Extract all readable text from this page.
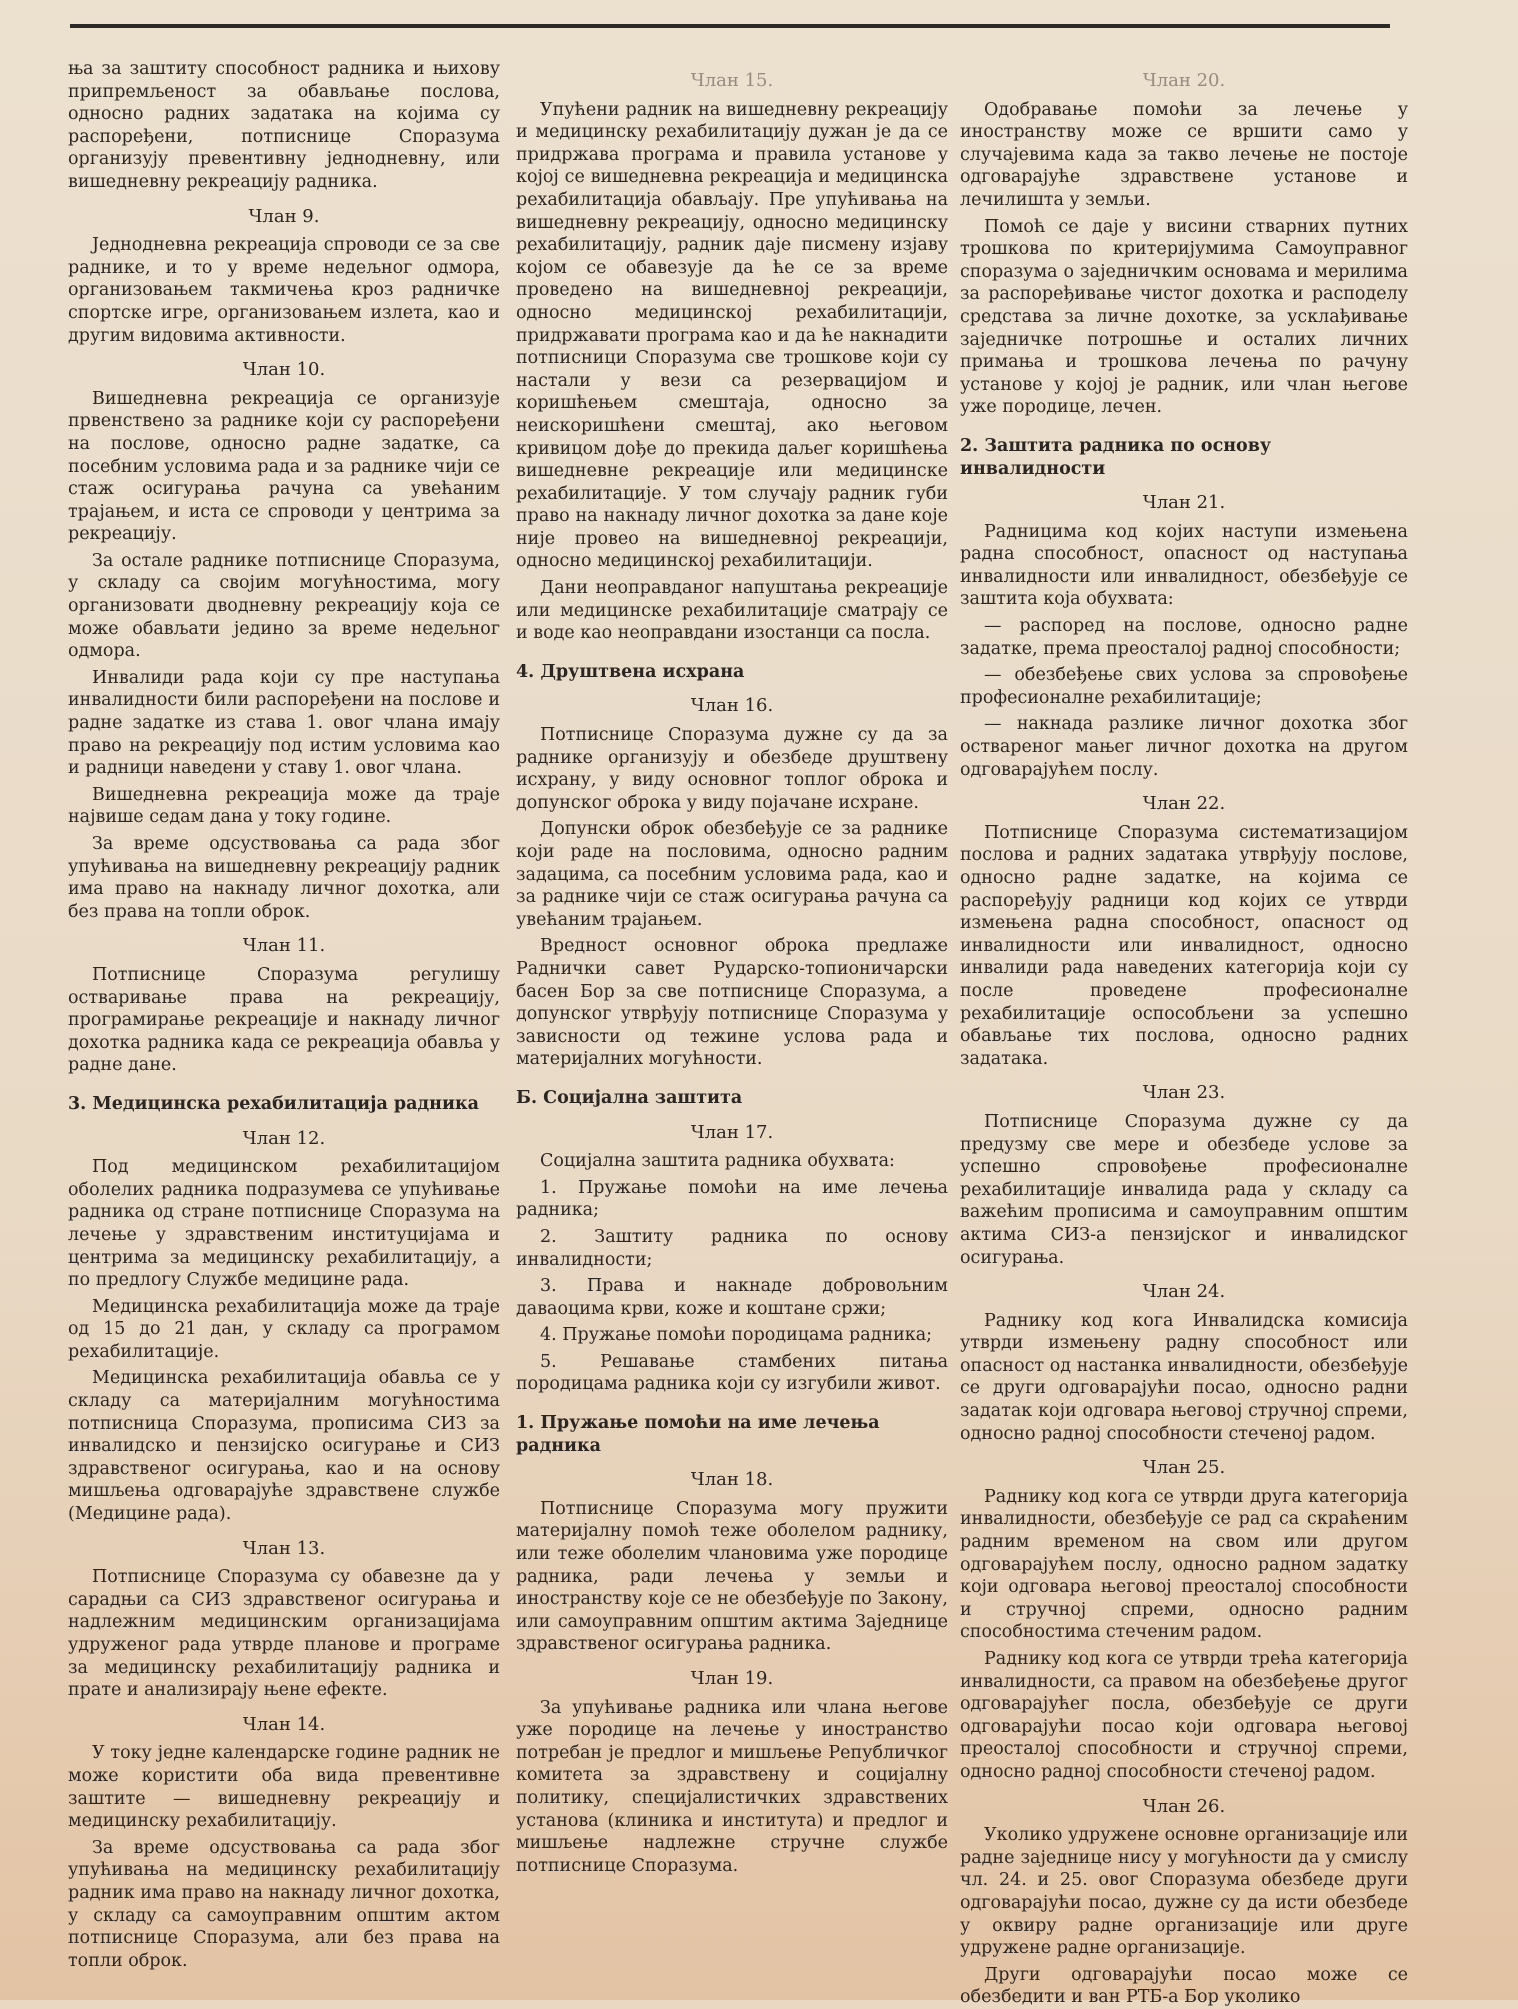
ња за заштиту способност радника и њихову припремљеност за обављање послова, односно радних задатака на којима су распоређени, потписнице Споразума организују превентивну једнодневну, или вишедневну рекреацију радника.

Члан 9.

Једнодневна рекреација спроводи се за све раднике, и то у време недељног одмора, организовањем такмичења кроз радничке спортске игре, организовањем излета, као и другим видовима активности.

Члан 10.

Вишедневна рекреација се организује првенствено за раднике који су распоређени на послове, односно радне задатке, са посебним условима рада и за раднике чији се стаж осигурања рачуна са увећаним трајањем, и иста се спроводи у центрима за рекреацију.

За остале раднике потписнице Споразума, у складу са својим могућностима, могу организовати дводневну рекреацију која се може обављати једино за време недељног одмора.

Инвалиди рада који су пре наступања инвалидности били распоређени на послове и радне задатке из става 1. овог члана имају право на рекреацију под истим условима као и радници наведени у ставу 1. овог члана.

Вишедневна рекреација може да траје највише седам дана у току године.

За време одсуствовања са рада због упућивања на вишедневну рекреацију радник има право на накнаду личног дохотка, али без права на топли оброк.

Члан 11.

Потписнице Споразума регулишу остваривање права на рекреацију, програмирање рекреације и накнаду личног дохотка радника када се рекреација обавља у радне дане.

3. Медицинска рехабилитација радника
Члан 12.

Под медицинском рехабилитацијом оболелих радника подразумева се упућивање радника од стране потписнице Споразума на лечење у здравственим институцијама и центрима за медицинску рехабилитацију, а по предлогу Службе медицине рада.

Медицинска рехабилитација може да траје од 15 до 21 дан, у складу са програмом рехабилитације.

Медицинска рехабилитација обавља се у складу са материјалним могућностима потписница Споразума, прописима СИЗ за инвалидско и пензијско осигурање и СИЗ здравственог осигурања, као и на основу мишљења одговарајуће здравствене службе (Медицине рада).

Члан 13.

Потписнице Споразума су обавезне да у сарадњи са СИЗ здравственог осигурања и надлежним медицинским организацијама удруженог рада утврде планове и програме за медицинску рехабилитацију радника и прате и анализирају њене ефекте.

Члан 14.

У току једне календарске године радник не може користити оба вида превентивне заштите — вишедневну рекреацију и медицинску рехабилитацију.

За време одсуствовања са рада због упућивања на медицинску рехабилитацију радник има право на накнаду личног дохотка, у складу са самоуправним општим актом потписнице Споразума, али без права на топли оброк.

Члан 15.

Упућени радник на вишедневну рекреацију и медицинску рехабилитацију дужан је да се придржава програма и правила установе у којој се вишедневна рекреација и медицинска рехабилитација обављају. Пре упућивања на вишедневну рекреацију, односно медицинску рехабилитацију, радник даје писмену изјаву којом се обавезује да ће се за време проведено на вишедневној рекреацији, односно медицинској рехабилитацији, придржавати програма као и да ће накнадити потписници Споразума све трошкове који су настали у вези са резервацијом и коришћењем смештаја, односно за неискоришћени смештај, ако његовом кривицом дође до прекида даљег коришћења вишедневне рекреације или медицинске рехабилитације. У том случају радник губи право на накнаду личног дохотка за дане које није провео на вишедневној рекреацији, односно медицинској рехабилитацији.

Дани неоправданог напуштања рекреације или медицинске рехабилитације сматрају се и воде као неоправдани изостанци са посла.

4. Друштвена исхрана
Члан 16.

Потписнице Споразума дужне су да за раднике организују и обезбеде друштвену исхрану, у виду основног топлог оброка и допунског оброка у виду појачане исхране.

Допунски оброк обезбеђује се за раднике који раде на пословима, односно радним задацима, са посебним условима рада, као и за раднике чији се стаж осигурања рачуна са увећаним трајањем.

Вредност основног оброка предлаже Раднички савет Рударско-топионичарски басен Бор за све потписнице Споразума, а допунског утврђују потписнице Споразума у зависности од тежине услова рада и материјалних могућности.

Б. Социјална заштита
Члан 17.

Социјална заштита радника обухвата:

1. Пружање помоћи на име лечења радника;

2. Заштиту радника по основу инвалидности;

3. Права и накнаде добровољним даваоцима крви, коже и коштане сржи;

4. Пружање помоћи породицама радника;

5. Решавање стамбених питања породицама радника који су изгубили живот.

1. Пружање помоћи на име лечења радника
Члан 18.

Потписнице Споразума могу пружити материјалну помоћ теже оболелом раднику, или теже оболелим члановима уже породице радника, ради лечења у земљи и иностранству које се не обезбеђује по Закону, или самоуправним општим актима Заједнице здравственог осигурања радника.

Члан 19.

За упућивање радника или члана његове уже породице на лечење у иностранство потребан је предлог и мишљење Републичког комитета за здравствену и социјалну политику, специјалистичких здравствених установа (клиника и института) и предлог и мишљење надлежне стручне службе потписнице Споразума.

Члан 20.

Одобравање помоћи за лечење у иностранству може се вршити само у случајевима када за такво лечење не постоје одговарајуће здравствене установе и лечилишта у земљи.

Помоћ се даје у висини стварних путних трошкова по критеријумима Самоуправног споразума о заједничким основама и мерилима за распоређивање чистог дохотка и расподелу средстава за личне дохотке, за усклађивање заједничке потрошње и осталих личних примања и трошкова лечења по рачуну установе у којој је радник, или члан његове уже породице, лечен.

2. Заштита радника по основу инвалидности
Члан 21.

Радницима код којих наступи измењена радна способност, опасност од наступања инвалидности или инвалидност, обезбеђује се заштита која обухвата:

— распоред на послове, односно радне задатке, према преосталој радној способности;

— обезбеђење свих услова за спровођење професионалне рехабилитације;

— накнада разлике личног дохотка због оствареног мањег личног дохотка на другом одговарајућем послу.

Члан 22.

Потписнице Споразума систематизацијом послова и радних задатака утврђују послове, односно радне задатке, на којима се распоређују радници код којих се утврди измењена радна способност, опасност од инвалидности или инвалидност, односно инвалиди рада наведених категорија који су после проведене професионалне рехабилитације оспособљени за успешно обављање тих послова, односно радних задатака.

Члан 23.

Потписнице Споразума дужне су да предузму све мере и обезбеде услове за успешно спровођење професионалне рехабилитације инвалида рада у складу са важећим прописима и самоуправним општим актима СИЗ-а пензијског и инвалидског осигурања.

Члан 24.

Раднику код кога Инвалидска комисија утврди измењену радну способност или опасност од настанка инвалидности, обезбеђује се други одговарајући посао, односно радни задатак који одговара његовој стручној спреми, односно радној способности стеченој радом.

Члан 25.

Раднику код кога се утврди друга категорија инвалидности, обезбеђује се рад са скраћеним радним временом на свом или другом одговарајућем послу, односно радном задатку који одговара његовој преосталој способности и стручној спреми, односно радним способностима стеченим радом.

Раднику код кога се утврди трећа категорија инвалидности, са правом на обезбеђење другог одговарајућег посла, обезбеђује се други одговарајући посао који одговара његовој преосталој способности и стручној спреми, односно радној способности стеченој радом.

Члан 26.

Уколико удружене основне организације или радне заједнице нису у могућности да у смислу чл. 24. и 25. овог Споразума обезбеде други одговарајући посао, дужне су да исти обезбеде у оквиру радне организације или друге удружене радне организације.

Други одговарајући посао може се обезбедити и ван РТБ-а Бор уколико
